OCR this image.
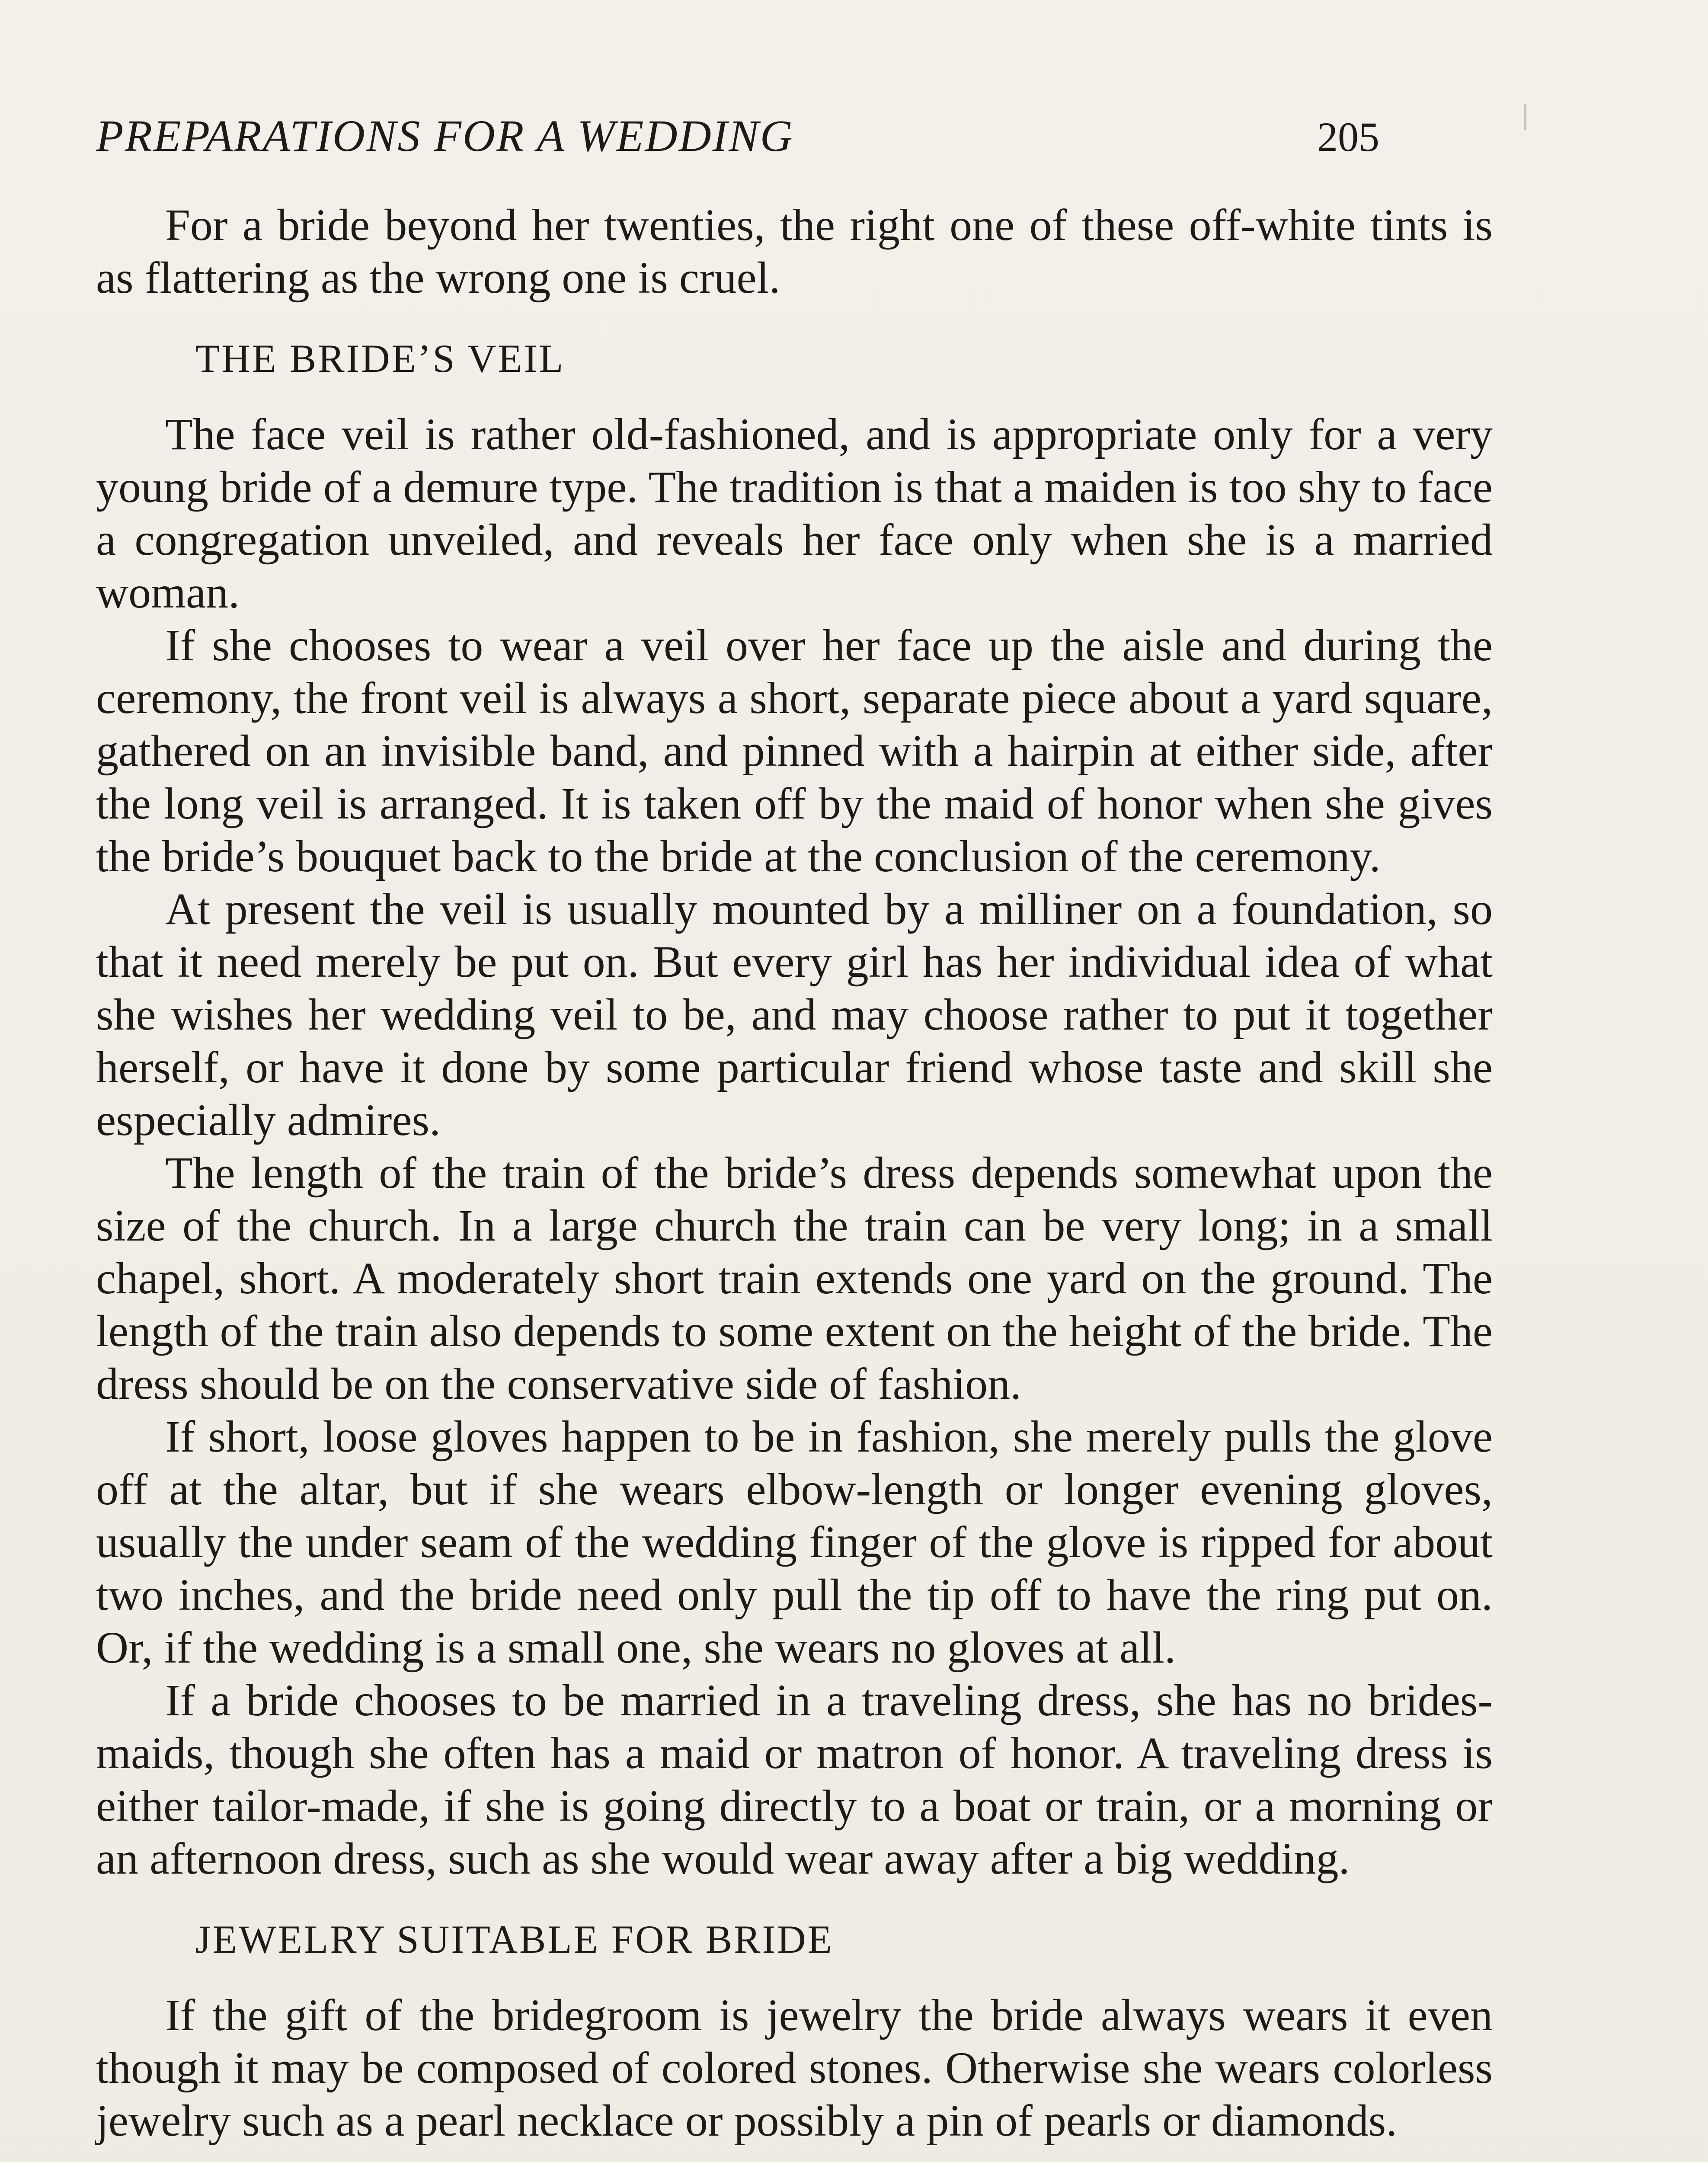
PREPARATIONS FOR A WEDDING	205

For a bride beyond her twenties, the right one of these off-white tints is as flattering as the wrong one is cruel.

THE BRIDE’S VEIL

The face veil is rather old-fashioned, and is appropriate only for a very young bride of a demure type. The tradition is that a maiden is too shy to face a congregation unveiled, and reveals her face only when she is a married woman.

If she chooses to wear a veil over her face up the aisle and during the ceremony, the front veil is always a short, separate piece about a yard square, gathered on an invisible band, and pinned with a hairpin at either side, after the long veil is arranged. It is taken off by the maid of honor when she gives the bride’s bouquet back to the bride at the conclusion of the ceremony.

At present the veil is usually mounted by a milliner on a foundation, so that it need merely be put on. But every girl has her individual idea of what she wishes her wedding veil to be, and may choose rather to put it together herself, or have it done by some particular friend whose taste and skill she especially admires.

The length of the train of the bride’s dress depends somewhat upon the size of the church. In a large church the train can be very long; in a small chapel, short. A moderately short train extends one yard on the ground. The length of the train also depends to some extent on the height of the bride. The dress should be on the conservative side of fashion.

If short, loose gloves happen to be in fashion, she merely pulls the glove off at the altar, but if she wears elbow-length or longer evening gloves, usually the under seam of the wedding finger of the glove is ripped for about two inches, and the bride need only pull the tip off to have the ring put on. Or, if the wedding is a small one, she wears no gloves at all.

If a bride chooses to be married in a traveling dress, she has no bridesmaids, though she often has a maid or matron of honor. A traveling dress is either tailor-made, if she is going directly to a boat or train, or a morning or an afternoon dress, such as she would wear away after a big wedding.

JEWELRY SUITABLE FOR BRIDE

If the gift of the bridegroom is jewelry the bride always wears it even though it may be composed of colored stones. Otherwise she wears colorless jewelry such as a pearl necklace or possibly a pin of pearls or diamonds.
